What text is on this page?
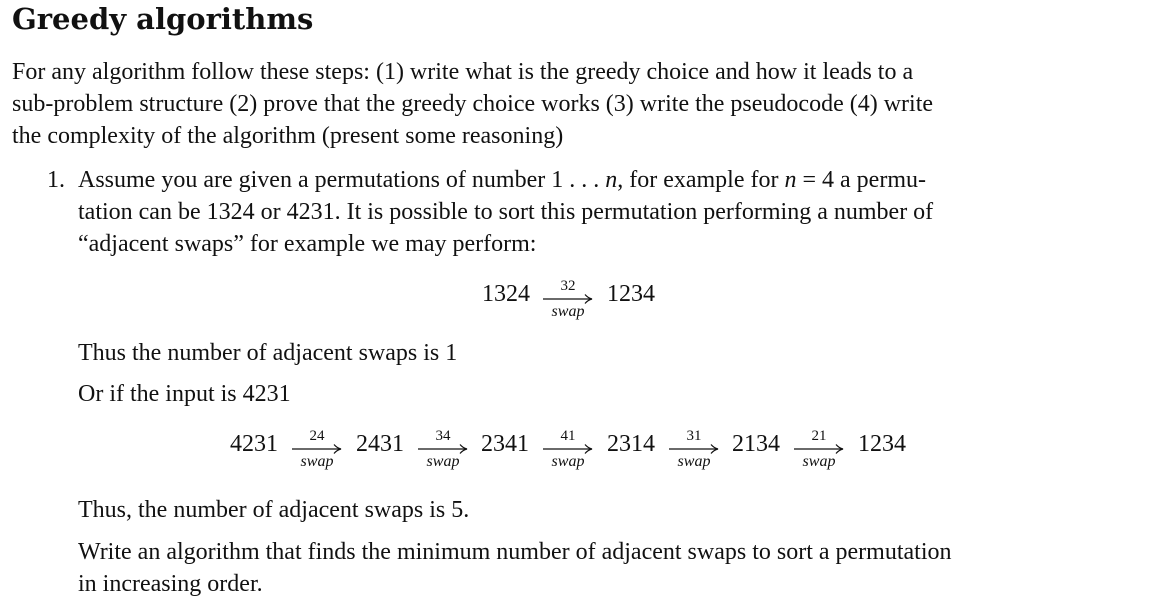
Greedy algorithms
For any algorithm follow these steps: (1) write what is the greedy choice and how it leads to a
sub-problem structure (2) prove that the greedy choice works (3) write the pseudocode (4) write
the complexity of the algorithm (present some reasoning)
1. Assume you are given a permutations of number 1 . . . n, for example for n = 4 a permu-
tation can be 1324 or 4231. It is possible to sort this permutation performing a number of
“adjacent swaps” for example we may perform:
1324	32
swap
1234
Thus the number of adjacent swaps is 1
Or if the input is 4231
4231	24
swap
2431	34
swap
2341	41
swap
2314	31
swap
2134	21
swap
1234
Thus, the number of adjacent swaps is 5.
Write an algorithm that finds the minimum number of adjacent swaps to sort a permutation
in increasing order.
